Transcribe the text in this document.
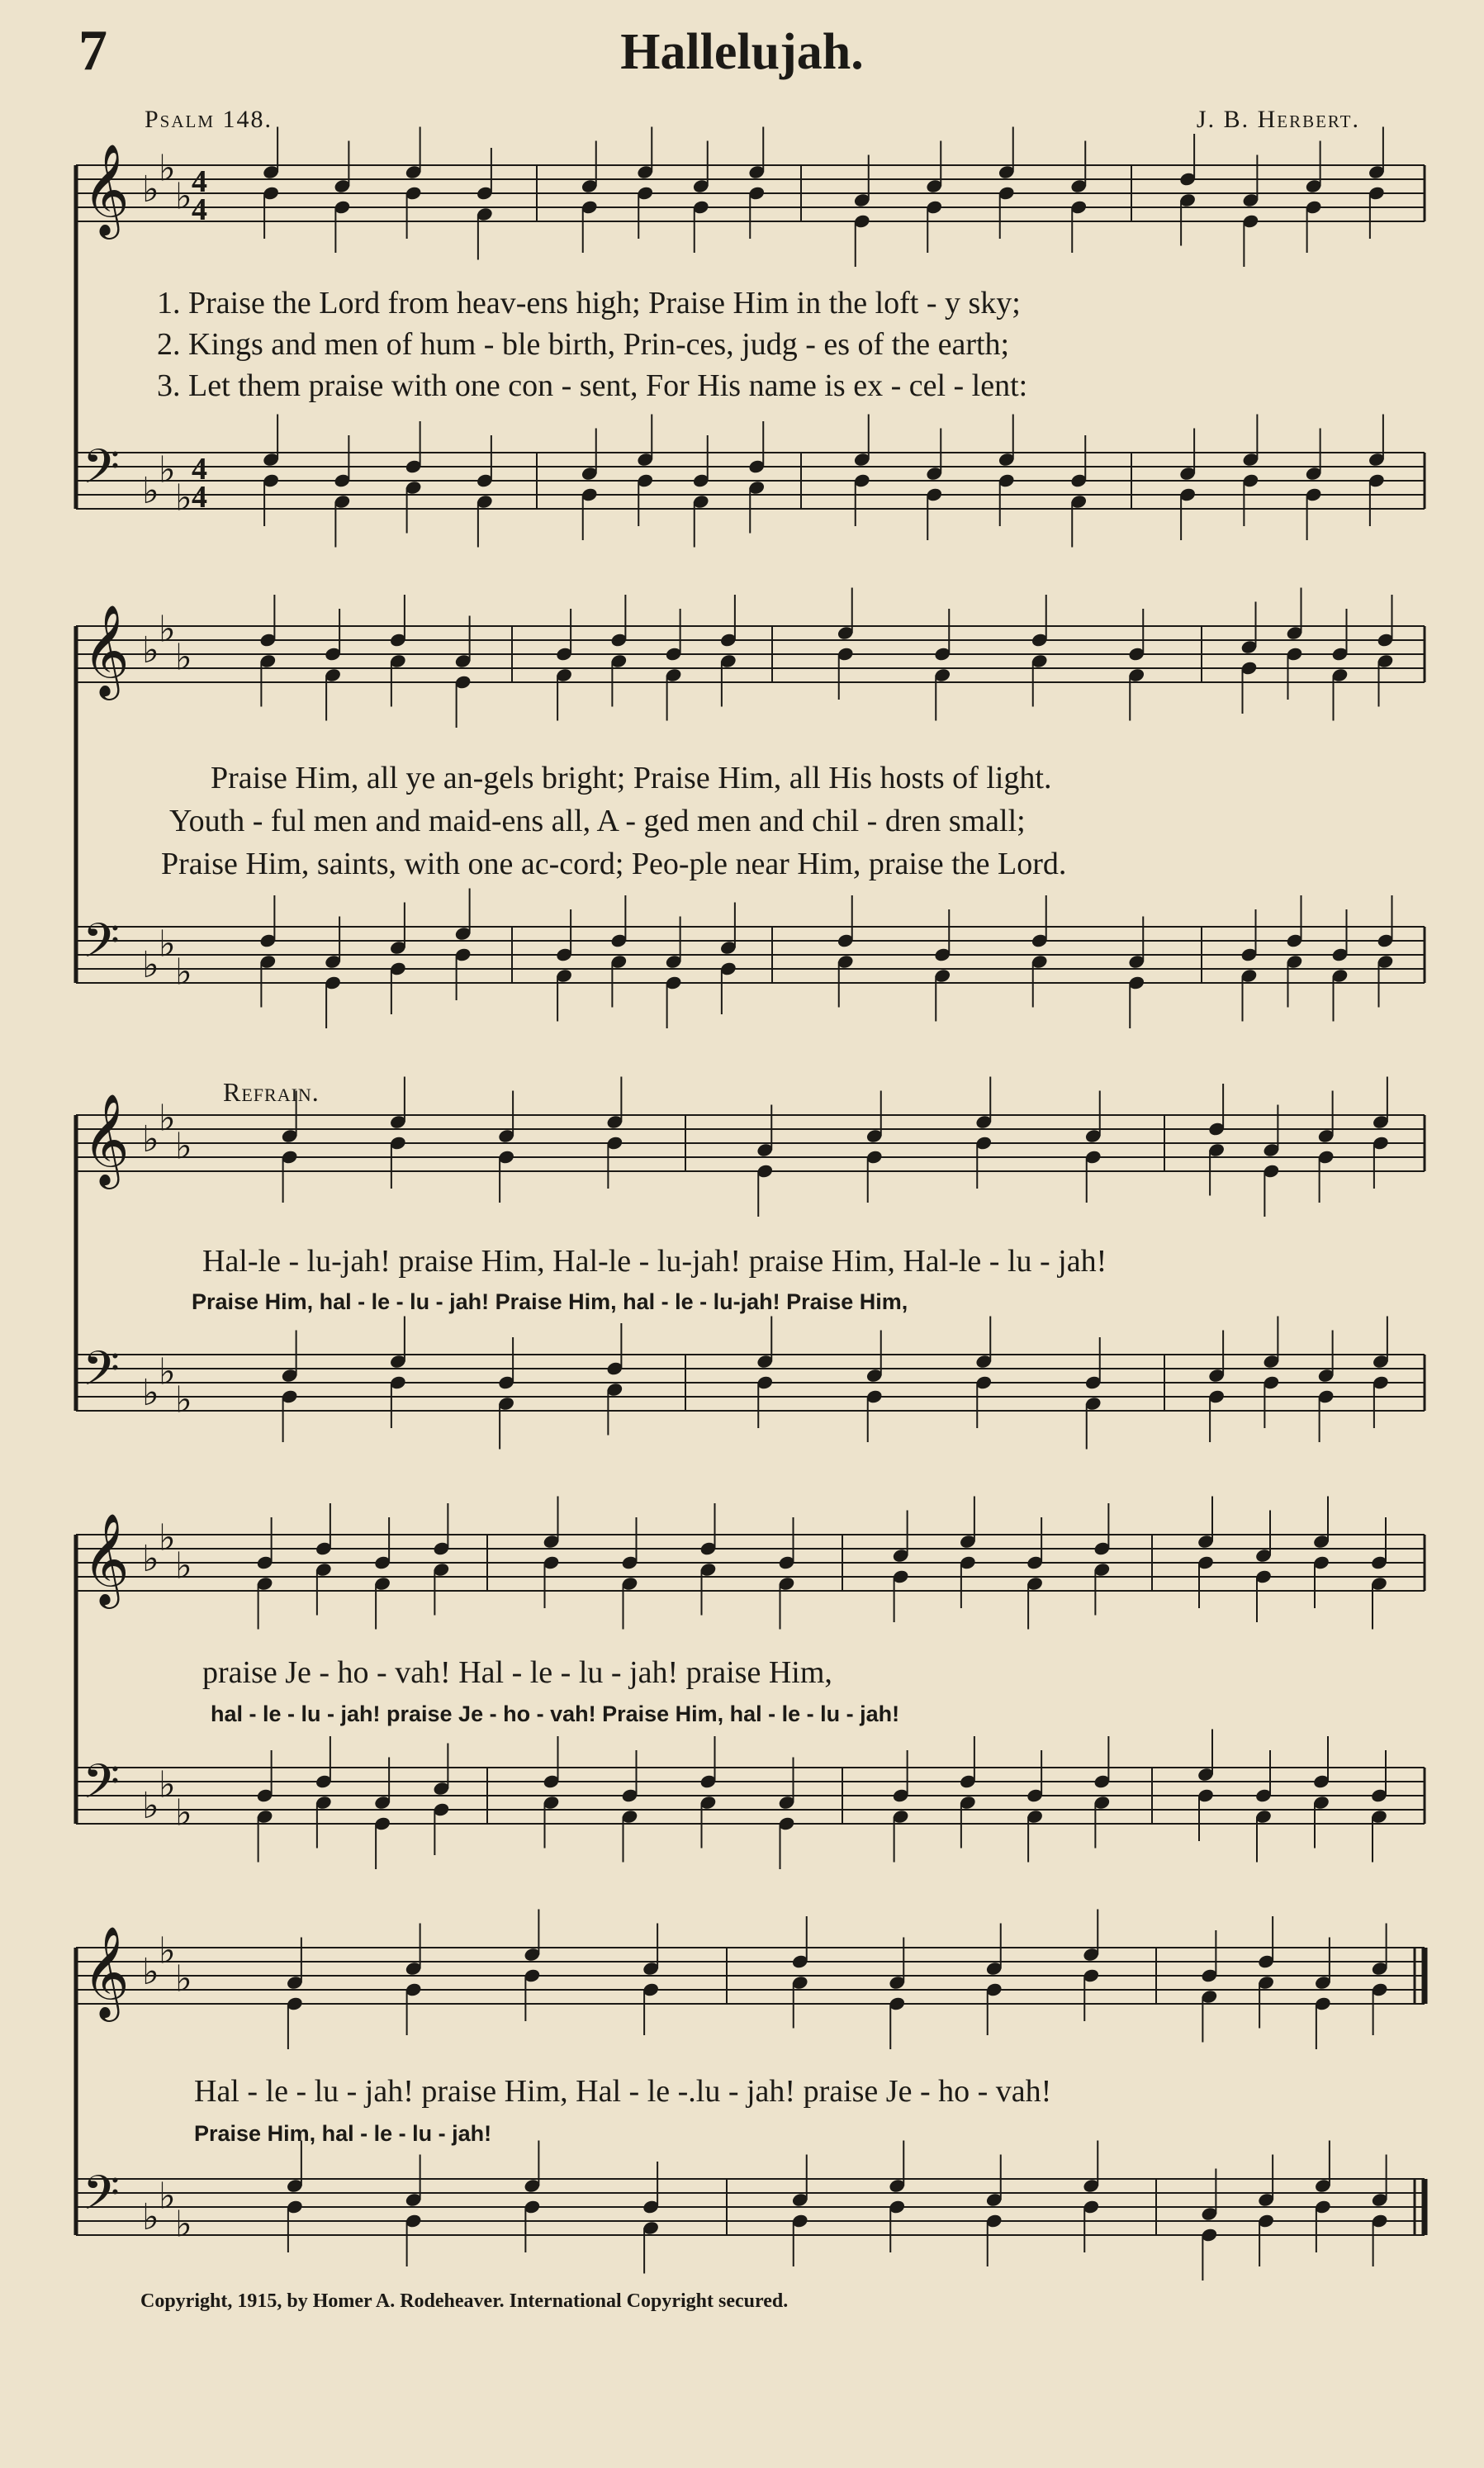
𝄞 ♭ ♭
♭
𝄢 ♭ ♭
♭
4
4
4
4
𝄞 ♭ ♭
♭
𝄢 ♭ ♭
♭
𝄞 ♭ ♭
♭
𝄢 ♭ ♭
♭
𝄞 ♭ ♭
♭
𝄢 ♭ ♭
♭
𝄞 ♭ ♭
♭
𝄢 ♭ ♭
♭
7	Hallelujah.
Psalm 148.	J. B. Herbert.
1. Praise the Lord from heav-ens high; Praise Him in the loft - y sky;
2. Kings and men of hum - ble birth, Prin-ces, judg - es of the earth;
3. Let them praise with one con - sent, For His name is ex - cel - lent:
Praise Him, all ye an-gels bright; Praise Him, all His hosts of light.
Youth - ful men and maid-ens all, A - ged men and chil - dren small;
Praise Him, saints, with one ac-cord; Peo-ple near Him, praise the Lord.
Refrain.
Hal-le - lu-jah! praise Him, Hal-le - lu-jah! praise Him, Hal-le - lu - jah!
Praise Him, hal - le - lu - jah! Praise Him, hal - le - lu-jah! Praise Him,
praise Je - ho - vah! Hal - le - lu - jah! praise Him,
hal - le - lu - jah! praise Je - ho - vah! Praise Him, hal - le - lu - jah!
Hal - le - lu - jah! praise Him, Hal - le -.lu - jah! praise Je - ho - vah!
Praise Him, hal - le - lu - jah!
Copyright, 1915, by Homer A. Rodeheaver. International Copyright secured.
